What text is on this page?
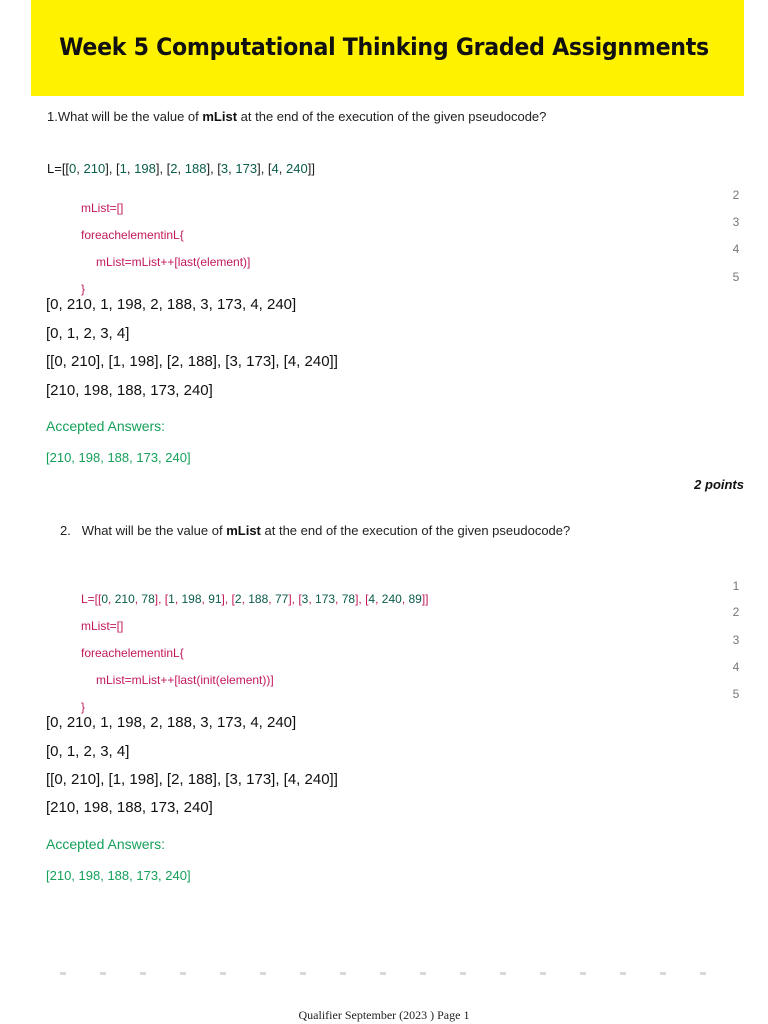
Week 5 Computational Thinking Graded Assignments
1.What will be the value of mList at the end of the execution of the given pseudocode?
L=[[0, 210], [1, 198], [2, 188], [3, 173], [4, 240]]
mList=[]
foreachelementinL{
mList=mList++[last(element)]
}
2
3
4
5
[0, 210, 1, 198, 2, 188, 3, 173, 4, 240]
[0, 1, 2, 3, 4]
[[0, 210], [1, 198], [2, 188], [3, 173], [4, 240]]
[210, 198, 188, 173, 240]
Accepted Answers:
[210, 198, 188, 173, 240]
2 points
2. What will be the value of mList at the end of the execution of the given pseudocode?
L=[[0, 210, 78], [1, 198, 91], [2, 188, 77], [3, 173, 78], [4, 240, 89]]
mList=[]
foreachelementinL{
mList=mList++[last(init(element))]
}
1
2
3
4
5
[0, 210, 1, 198, 2, 188, 3, 173, 4, 240]
[0, 1, 2, 3, 4]
[[0, 210], [1, 198], [2, 188], [3, 173], [4, 240]]
[210, 198, 188, 173, 240]
Accepted Answers:
[210, 198, 188, 173, 240]
Qualifier September (2023 ) Page 1
